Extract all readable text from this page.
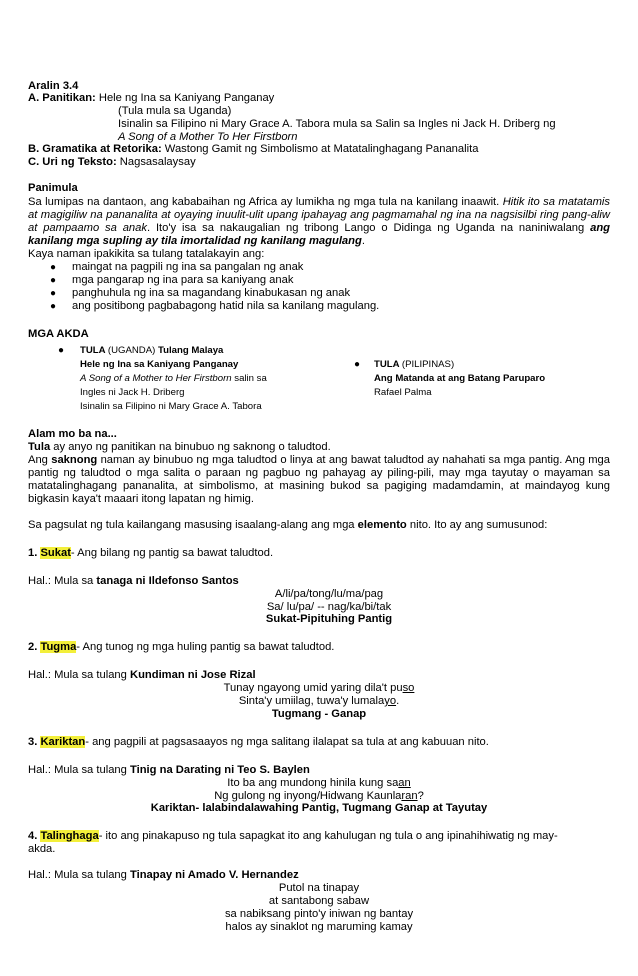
Aralin 3.4
A. Panitikan: Hele ng Ina sa Kaniyang Panganay
(Tula mula sa Uganda)
Isinalin sa Filipino ni Mary Grace A. Tabora mula sa Salin sa Ingles ni Jack H. Driberg ng
A Song of a Mother To Her Firstborn
B. Gramatika at Retorika: Wastong Gamit ng Simbolismo at Matatalinghagang Pananalita
C. Uri ng Teksto: Nagsasalaysay
Panimula
Sa lumipas na dantaon, ang kababaihan ng Africa ay lumikha ng mga tula na kanilang inaawit. Hitik ito sa matatamis at magigiliw na pananalita at oyaying inuulit-ulit upang ipahayag ang pagmamahal ng ina na nagsisilbi ring pang-aliw at pampaamo sa anak. Ito'y isa sa nakaugalian ng tribong Lango o Didinga ng Uganda na naniniwalang ang kanilang mga supling ay tila imortalidad ng kanilang magulang.
Kaya naman ipakikita sa tulang tatalakayin ang:
● maingat na pagpili ng ina sa pangalan ng anak
● mga pangarap ng ina para sa kaniyang anak
● panghuhula ng ina sa magandang kinabukasan ng anak
● ang positibong pagbabagong hatid nila sa kanilang magulang.
MGA AKDA
● TULA (UGANDA) Tulang Malaya
Hele ng Ina sa Kaniyang Panganay
A Song of a Mother to Her Firstborn salin sa
Ingles ni Jack H. Driberg
Isinalin sa Filipino ni Mary Grace A. Tabora
● TULA (PILIPINAS)
Ang Matanda at ang Batang Paruparo
Rafael Palma
Alam mo ba na...
Tula ay anyo ng panitikan na binubuo ng saknong o taludtod.
Ang saknong naman ay binubuo ng mga taludtod o linya at ang bawat taludtod ay nahahati sa mga pantig. Ang mga pantig ng taludtod o mga salita o paraan ng pagbuo ng pahayag ay piling-pili, may mga tayutay o mayaman sa matatalinghagang pananalita, at simbolismo, at masining bukod sa pagiging madamdamin, at maindayog kung bigkasin kaya't maaari itong lapatan ng himig.
Sa pagsulat ng tula kailangang masusing isaalang-alang ang mga elemento nito. Ito ay ang sumusunod:
1. Sukat- Ang bilang ng pantig sa bawat taludtod.
Hal.: Mula sa tanaga ni Ildefonso Santos
A/li/pa/tong/lu/ma/pag
Sa/ lu/pa/ -- nag/ka/bi/tak
Sukat-Pipituhing Pantig
2. Tugma- Ang tunog ng mga huling pantig sa bawat taludtod.
Hal.: Mula sa tulang Kundiman ni Jose Rizal
Tunay ngayong umid yaring dila't puso
Sinta'y umiilag, tuwa'y lumalayo.
Tugmang - Ganap
3. Kariktan- ang pagpili at pagsasaayos ng mga salitang ilalapat sa tula at ang kabuuan nito.
Hal.: Mula sa tulang Tinig na Darating ni Teo S. Baylen
Ito ba ang mundong hinila kung saan
Ng gulong ng inyong/Hidwang Kaunlaran?
Kariktan- lalabindalawahing Pantig, Tugmang Ganap at Tayutay
4. Talinghaga- ito ang pinakapuso ng tula sapagkat ito ang kahulugan ng tula o ang ipinahihiwatig ng may-
akda.
Hal.: Mula sa tulang Tinapay ni Amado V. Hernandez
Putol na tinapay
at santabong sabaw
sa nabiksang pinto'y iniwan ng bantay
halos ay sinaklot ng maruming kamay
